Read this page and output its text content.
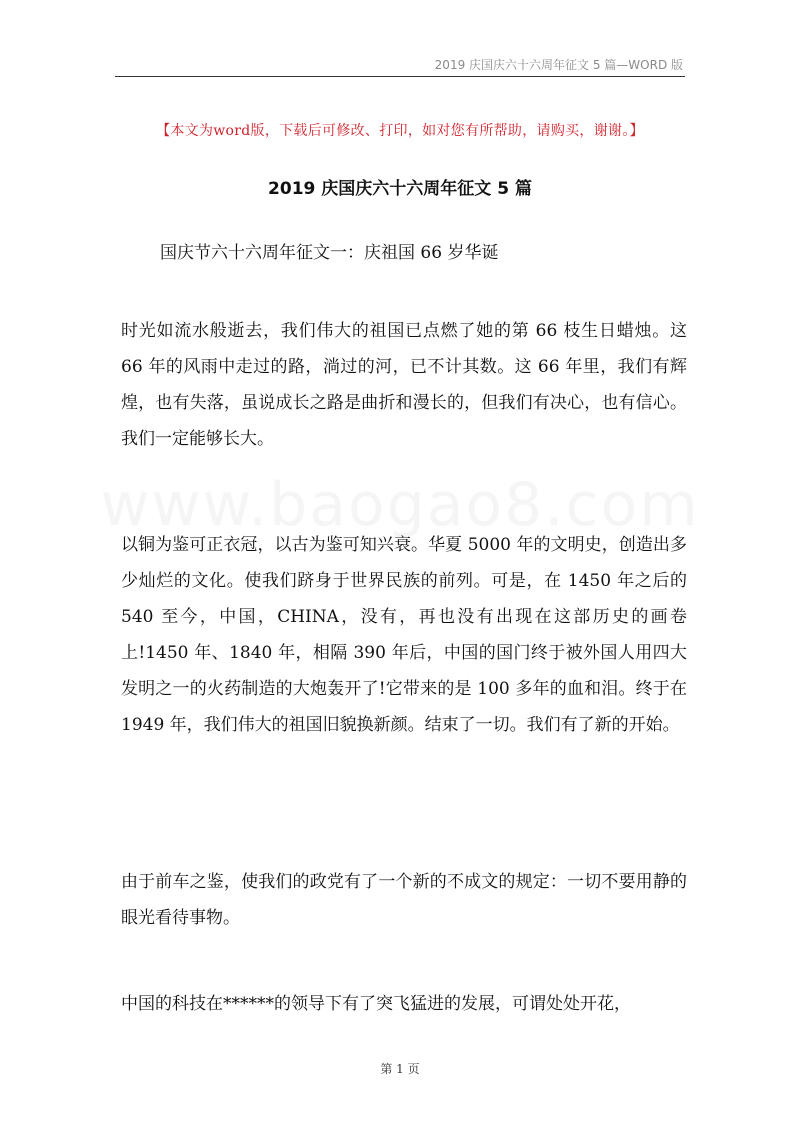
2019 庆国庆六十六周年征文 5 篇—WORD 版
【本文为word版，下载后可修改、打印，如对您有所帮助，请购买，谢谢。】
2019 庆国庆六十六周年征文 5 篇
国庆节六十六周年征文一：庆祖国 66 岁华诞
时光如流水般逝去，我们伟大的祖国已点燃了她的第 66 枝生日蜡烛。这 66 年的风雨中走过的路，淌过的河，已不计其数。这 66 年里，我们有辉煌，也有失落，虽说成长之路是曲折和漫长的，但我们有决心，也有信心。我们一定能够长大。
以铜为鉴可正衣冠，以古为鉴可知兴衰。华夏 5000 年的文明史，创造出多少灿烂的文化。使我们跻身于世界民族的前列。可是，在 1450 年之后的 540 至今，中国，CHINA，没有，再也没有出现在这部历史的画卷上!1450 年、1840 年，相隔 390 年后，中国的国门终于被外国人用四大发明之一的火药制造的大炮轰开了!它带来的是 100 多年的血和泪。终于在 1949 年，我们伟大的祖国旧貌换新颜。结束了一切。我们有了新的开始。
由于前车之鉴，使我们的政党有了一个新的不成文的规定：一切不要用静的眼光看待事物。
中国的科技在******的领导下有了突飞猛进的发展，可谓处处开花，
www.baogao8.com
第 1 页
